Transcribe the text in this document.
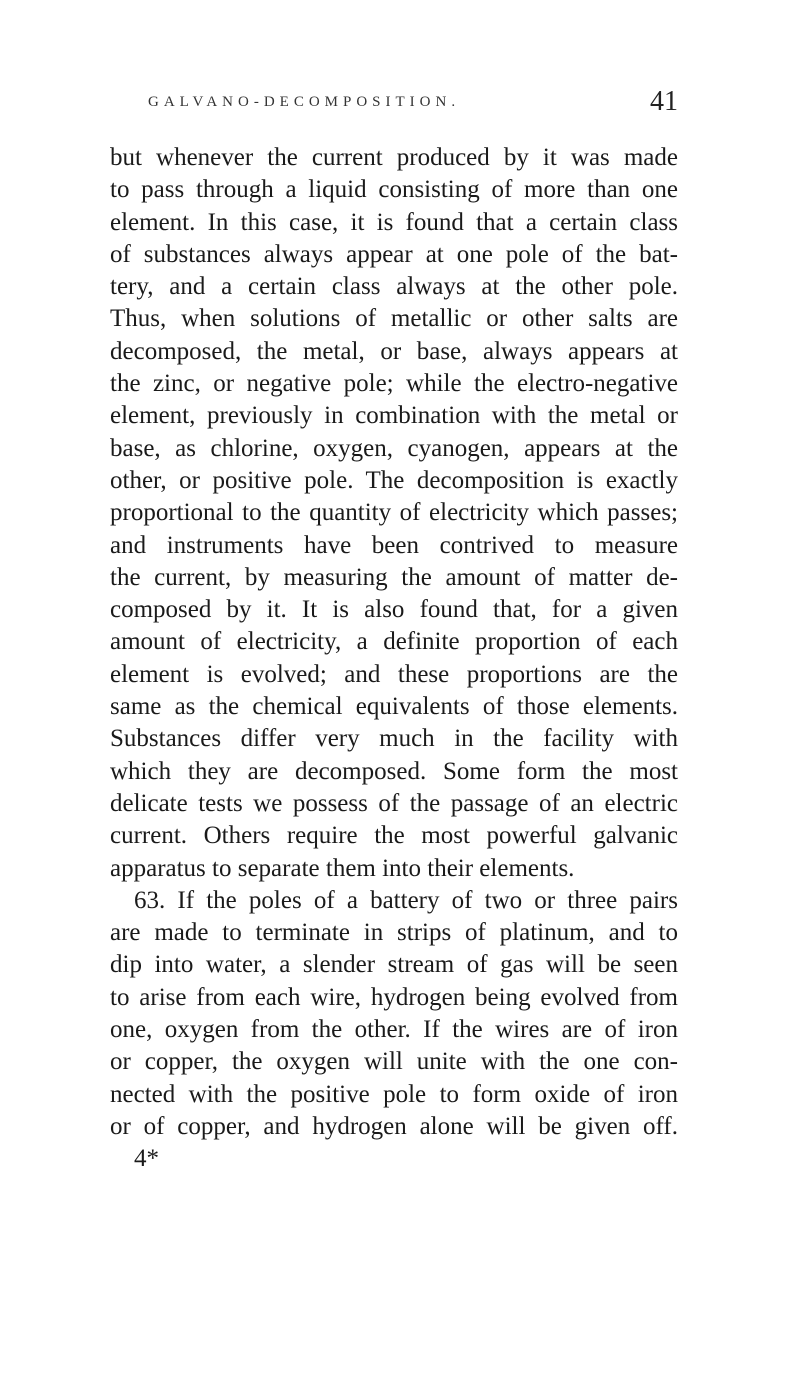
GALVANO-DECOMPOSITION.	41
but whenever the current produced by it was made
to pass through a liquid consisting of more than one
element. In this case, it is found that a certain class
of substances always appear at one pole of the bat-
tery, and a certain class always at the other pole.
Thus, when solutions of metallic or other salts are
decomposed, the metal, or base, always appears at
the zinc, or negative pole; while the electro-negative
element, previously in combination with the metal or
base, as chlorine, oxygen, cyanogen, appears at the
other, or positive pole. The decomposition is exactly
proportional to the quantity of electricity which passes;
and instruments have been contrived to measure
the current, by measuring the amount of matter de-
composed by it. It is also found that, for a given
amount of electricity, a definite proportion of each
element is evolved; and these proportions are the
same as the chemical equivalents of those elements.
Substances differ very much in the facility with
which they are decomposed. Some form the most
delicate tests we possess of the passage of an electric
current. Others require the most powerful galvanic
apparatus to separate them into their elements.
63. If the poles of a battery of two or three pairs
are made to terminate in strips of platinum, and to
dip into water, a slender stream of gas will be seen
to arise from each wire, hydrogen being evolved from
one, oxygen from the other. If the wires are of iron
or copper, the oxygen will unite with the one con-
nected with the positive pole to form oxide of iron
or of copper, and hydrogen alone will be given off.
4*
